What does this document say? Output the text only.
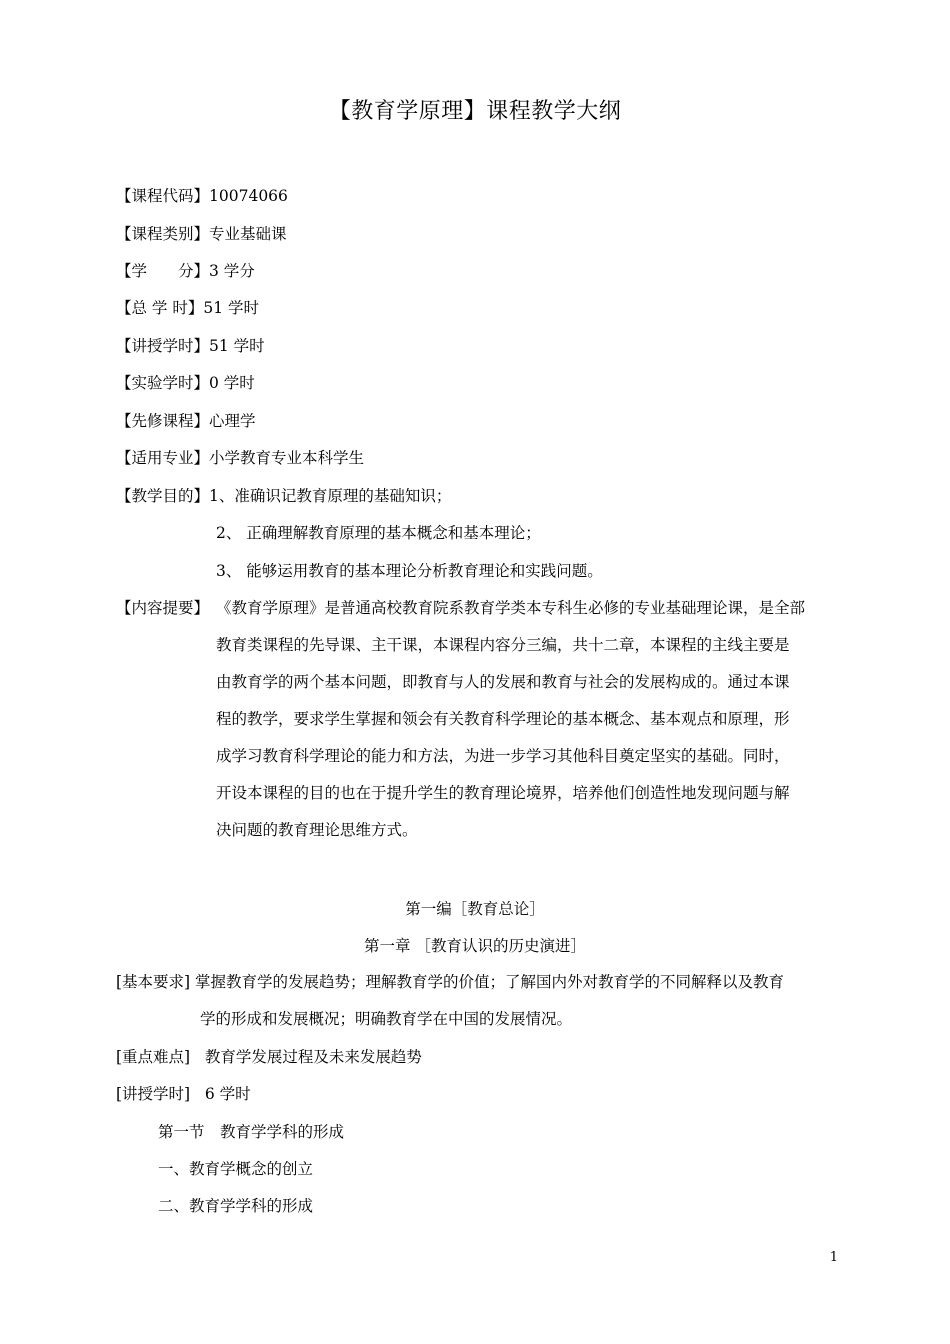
【教育学原理】课程教学大纲
【课程代码】10074066
【课程类别】专业基础课
【学　　分】3 学分
【总 学 时】51 学时
【讲授学时】51 学时
【实验学时】0 学时
【先修课程】心理学
【适用专业】小学教育专业本科学生
【教学目的】1、准确识记教育原理的基础知识；
2、 正确理解教育原理的基本概念和基本理论；
3、 能够运用教育的基本理论分析教育理论和实践问题。
【内容提要】 《教育学原理》是普通高校教育院系教育学类本专科生必修的专业基础理论课，是全部
教育类课程的先导课、主干课，本课程内容分三编，共十二章，本课程的主线主要是
由教育学的两个基本问题，即教育与人的发展和教育与社会的发展构成的。通过本课
程的教学，要求学生掌握和领会有关教育科学理论的基本概念、基本观点和原理，形
成学习教育科学理论的能力和方法，为进一步学习其他科目奠定坚实的基础。同时，
开设本课程的目的也在于提升学生的教育理论境界，培养他们创造性地发现问题与解
决问题的教育理论思维方式。
第一编［教育总论］
第一章 ［教育认识的历史演进］
[基本要求] 掌握教育学的发展趋势；理解教育学的价值；了解国内外对教育学的不同解释以及教育
学的形成和发展概况；明确教育学在中国的发展情况。
[重点难点] 教育学发展过程及未来发展趋势
[讲授学时] 6 学时
第一节　教育学学科的形成
一、教育学概念的创立
二、教育学学科的形成
1
